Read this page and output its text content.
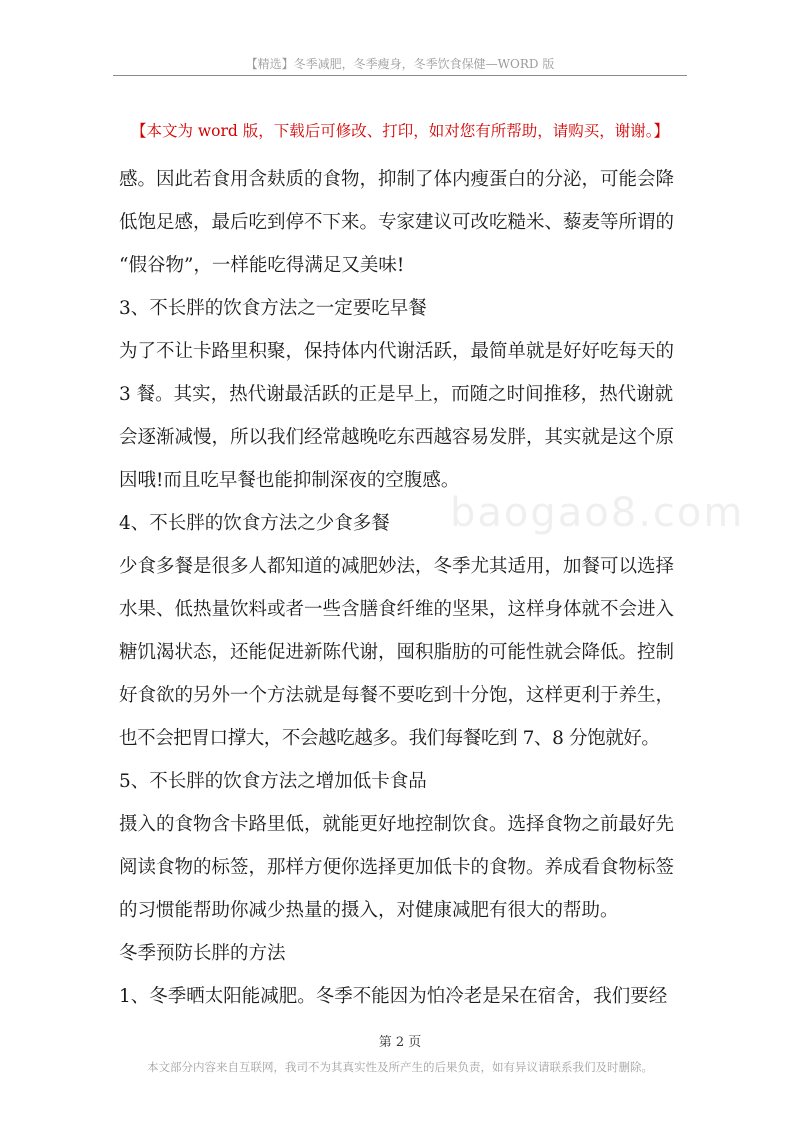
【精选】冬季减肥，冬季瘦身，冬季饮食保健—WORD 版
【本文为 word 版，下载后可修改、打印，如对您有所帮助，请购买，谢谢。】
baogao8.com
感。因此若食用含麸质的食物，抑制了体内瘦蛋白的分泌，可能会降
低饱足感，最后吃到停不下来。专家建议可改吃糙米、藜麦等所谓的
“假谷物”，一样能吃得满足又美味!
3、不长胖的饮食方法之一定要吃早餐
为了不让卡路里积聚，保持体内代谢活跃，最简单就是好好吃每天的
3 餐。其实，热代谢最活跃的正是早上，而随之时间推移，热代谢就
会逐渐减慢，所以我们经常越晚吃东西越容易发胖，其实就是这个原
因哦!而且吃早餐也能抑制深夜的空腹感。
4、不长胖的饮食方法之少食多餐
少食多餐是很多人都知道的减肥妙法，冬季尤其适用，加餐可以选择
水果、低热量饮料或者一些含膳食纤维的坚果，这样身体就不会进入
糖饥渴状态，还能促进新陈代谢，囤积脂肪的可能性就会降低。控制
好食欲的另外一个方法就是每餐不要吃到十分饱，这样更利于养生，
也不会把胃口撑大，不会越吃越多。我们每餐吃到 7、8 分饱就好。
5、不长胖的饮食方法之增加低卡食品
摄入的食物含卡路里低，就能更好地控制饮食。选择食物之前最好先
阅读食物的标签，那样方便你选择更加低卡的食物。养成看食物标签
的习惯能帮助你减少热量的摄入，对健康减肥有很大的帮助。
冬季预防长胖的方法
1、冬季晒太阳能减肥。冬季不能因为怕冷老是呆在宿舍，我们要经
第 2 页
本文部分内容来自互联网，我司不为其真实性及所产生的后果负责，如有异议请联系我们及时删除。
